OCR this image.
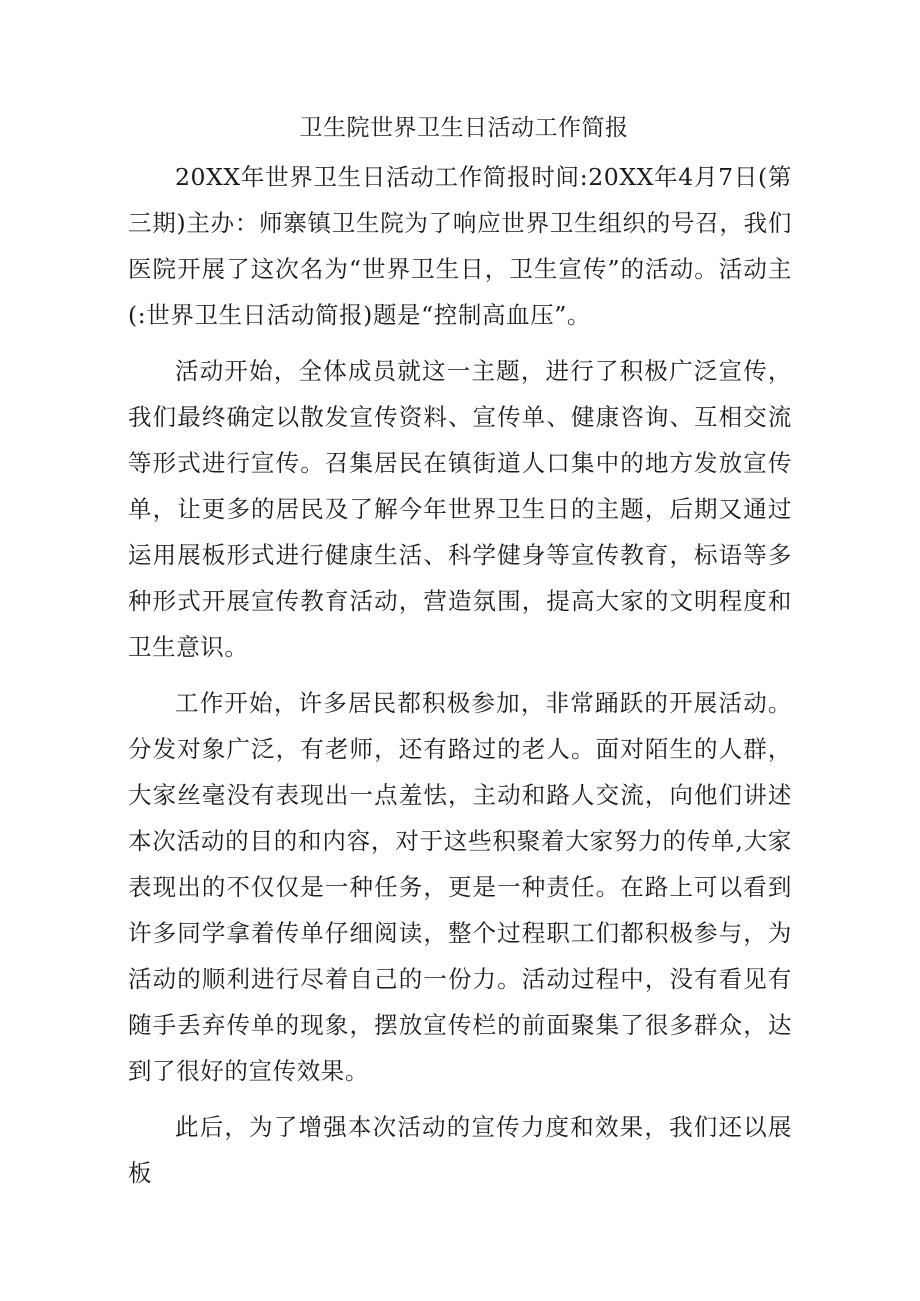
卫生院世界卫生日活动工作简报

20XX年世界卫生日活动工作简报时间:20XX年4月7日(第三期)主办：师寨镇卫生院为了响应世界卫生组织的号召，我们医院开展了这次名为“世界卫生日，卫生宣传”的活动。活动主(:世界卫生日活动简报)题是“控制高血压”。

活动开始，全体成员就这一主题，进行了积极广泛宣传，我们最终确定以散发宣传资料、宣传单、健康咨询、互相交流等形式进行宣传。召集居民在镇街道人口集中的地方发放宣传单，让更多的居民及了解今年世界卫生日的主题，后期又通过运用展板形式进行健康生活、科学健身等宣传教育，标语等多种形式开展宣传教育活动，营造氛围，提高大家的文明程度和卫生意识。

工作开始，许多居民都积极参加，非常踊跃的开展活动。分发对象广泛，有老师，还有路过的老人。面对陌生的人群，大家丝毫没有表现出一点羞怯，主动和路人交流，向他们讲述本次活动的目的和内容，对于这些积聚着大家努力的传单,大家表现出的不仅仅是一种任务，更是一种责任。在路上可以看到许多同学拿着传单仔细阅读，整个过程职工们都积极参与，为活动的顺利进行尽着自己的一份力。活动过程中，没有看见有随手丢弃传单的现象，摆放宣传栏的前面聚集了很多群众，达到了很好的宣传效果。

此后，为了增强本次活动的宣传力度和效果，我们还以展板
